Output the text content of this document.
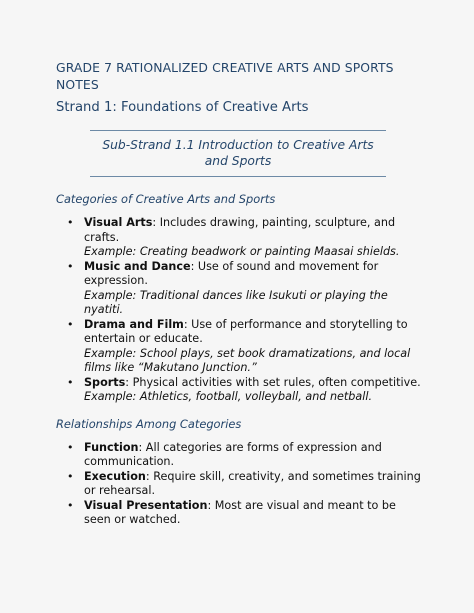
GRADE 7 RATIONALIZED CREATIVE ARTS AND SPORTS NOTES

Strand 1: Foundations of Creative Arts

Sub-Strand 1.1 Introduction to Creative Arts
and Sports

Categories of Creative Arts and Sports

• Visual Arts: Includes drawing, painting, sculpture, and crafts.
Example: Creating beadwork or painting Maasai shields.
• Music and Dance: Use of sound and movement for expression.
Example: Traditional dances like Isukuti or playing the nyatiti.
• Drama and Film: Use of performance and storytelling to entertain or educate.
Example: School plays, set book dramatizations, and local films like “Makutano Junction.”
• Sports: Physical activities with set rules, often competitive.
Example: Athletics, football, volleyball, and netball.

Relationships Among Categories

• Function: All categories are forms of expression and communication.
• Execution: Require skill, creativity, and sometimes training or rehearsal.
• Visual Presentation: Most are visual and meant to be seen or watched.
